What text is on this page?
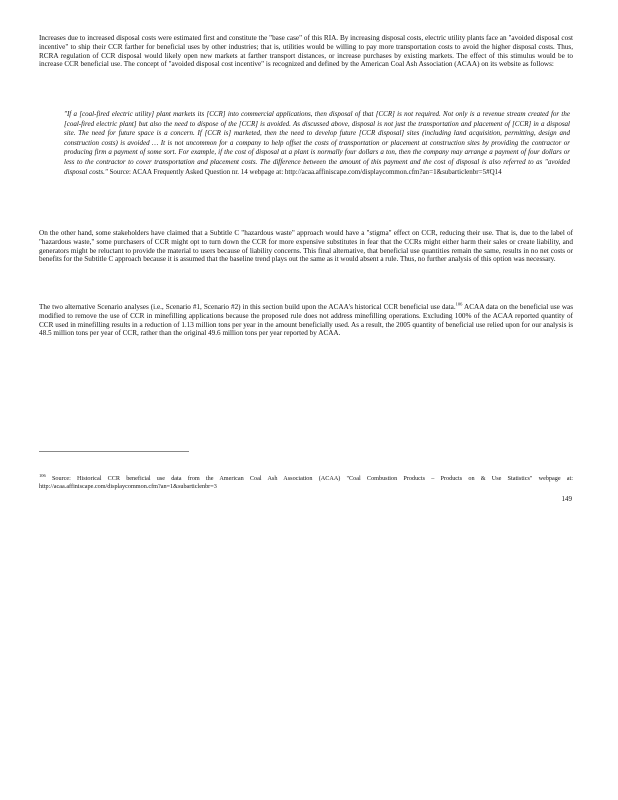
Increases due to increased disposal costs were estimated first and constitute the "base case" of this RIA. By increasing disposal costs, electric utility plants face an "avoided disposal cost incentive" to ship their CCR farther for beneficial uses by other industries; that is, utilities would be willing to pay more transportation costs to avoid the higher disposal costs. Thus, RCRA regulation of CCR disposal would likely open new markets at farther transport distances, or increase purchases by existing markets. The effect of this stimulus would be to increase CCR beneficial use. The concept of "avoided disposal cost incentive" is recognized and defined by the American Coal Ash Association (ACAA) on its website as follows:

"If a [coal-fired electric utility] plant markets its [CCR] into commercial applications, then disposal of that [CCR] is not required. Not only is a revenue stream created for the [coal-fired electric plant] but also the need to dispose of the [CCR] is avoided. As discussed above, disposal is not just the transportation and placement of [CCR] in a disposal site. The need for future space is a concern. If [CCR is] marketed, then the need to develop future [CCR disposal] sites (including land acquisition, permitting, design and construction costs) is avoided … It is not uncommon for a company to help offset the costs of transportation or placement at construction sites by providing the contractor or producing firm a payment of some sort. For example, if the cost of disposal at a plant is normally four dollars a ton, then the company may arrange a payment of four dollars or less to the contractor to cover transportation and placement costs. The difference between the amount of this payment and the cost of disposal is also referred to as "avoided disposal costs." Source: ACAA Frequently Asked Question nr. 14 webpage at: http://acaa.affiniscape.com/displaycommon.cfm?an=1&subarticlenbr=5#Q14

On the other hand, some stakeholders have claimed that a Subtitle C "hazardous waste" approach would have a "stigma" effect on CCR, reducing their use. That is, due to the label of "hazardous waste," some purchasers of CCR might opt to turn down the CCR for more expensive substitutes in fear that the CCRs might either harm their sales or create liability, and generators might be reluctant to provide the material to users because of liability concerns. This final alternative, that beneficial use quantities remain the same, results in no net costs or benefits for the Subtitle C approach because it is assumed that the baseline trend plays out the same as it would absent a rule. Thus, no further analysis of this option was necessary.

The two alternative Scenario analyses (i.e., Scenario #1, Scenario #2) in this section build upon the ACAA's historical CCR beneficial use data.$^{106}$ ACAA data on the beneficial use was modified to remove the use of CCR in minefilling applications because the proposed rule does not address minefilling operations. Excluding 100% of the ACAA reported quantity of CCR used in minefilling results in a reduction of 1.13 million tons per year in the amount beneficially used. As a result, the 2005 quantity of beneficial use relied upon for our analysis is 48.5 million tons per year of CCR, rather than the original 49.6 million tons per year reported by ACAA.

$^{106}$ Source: Historical CCR beneficial use data from the American Coal Ash Association (ACAA) "Coal Combustion Products – Products on & Use Statistics" webpage at: http://acaa.affiniscape.com/displaycommon.cfm?an=1&subarticlenbr=3

149
